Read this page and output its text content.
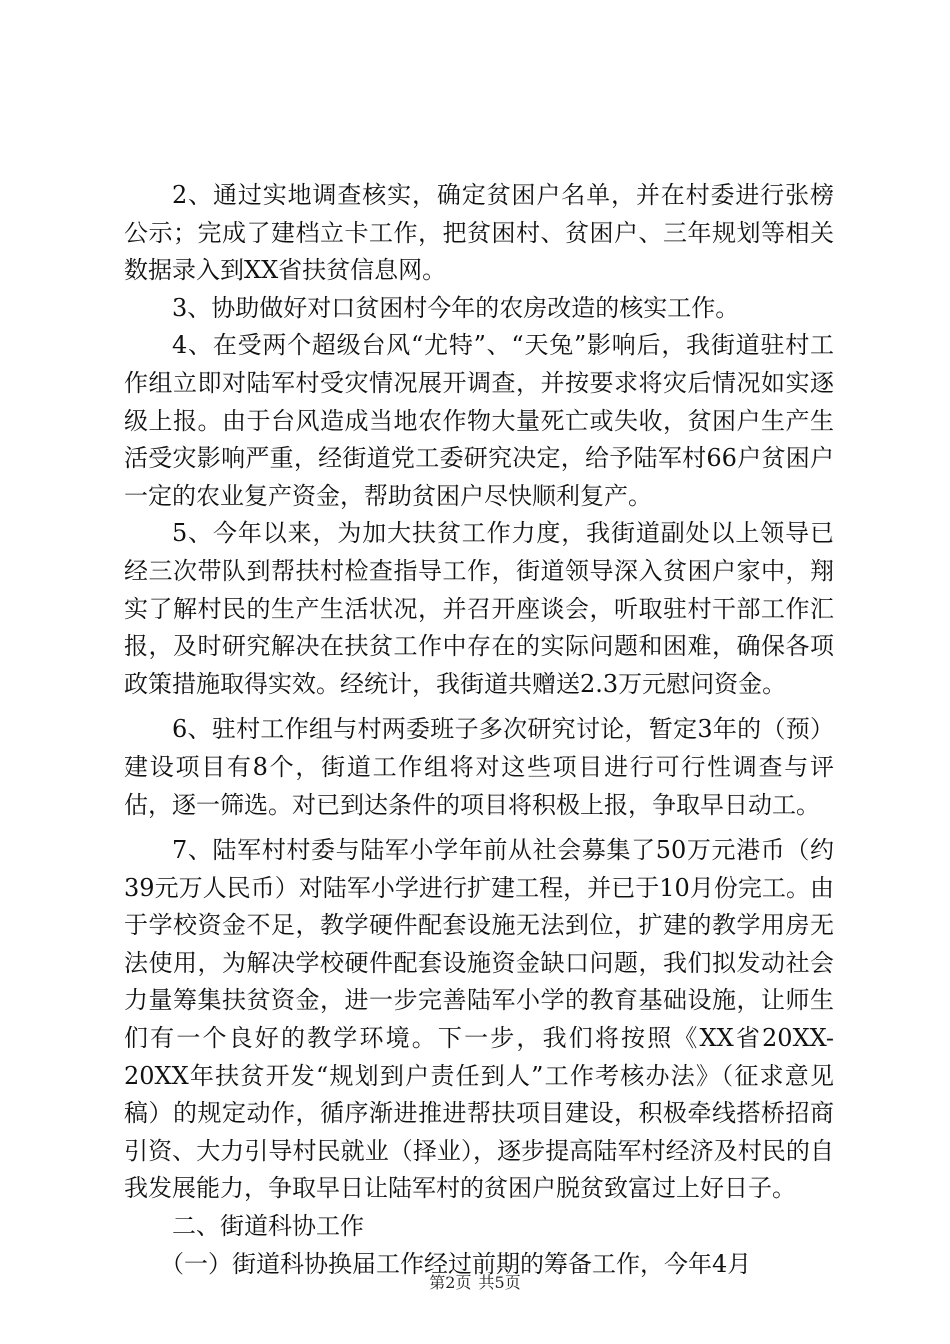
2、通过实地调查核实，确定贫困户名单，并在村委进行张榜公示；完成了建档立卡工作，把贫困村、贫困户、三年规划等相关数据录入到XX省扶贫信息网。

3、协助做好对口贫困村今年的农房改造的核实工作。

4、在受两个超级台风“尤特”、“天兔”影响后，我街道驻村工作组立即对陆军村受灾情况展开调查，并按要求将灾后情况如实逐级上报。由于台风造成当地农作物大量死亡或失收，贫困户生产生活受灾影响严重，经街道党工委研究决定，给予陆军村66户贫困户一定的农业复产资金，帮助贫困户尽快顺利复产。

5、今年以来，为加大扶贫工作力度，我街道副处以上领导已经三次带队到帮扶村检查指导工作，街道领导深入贫困户家中，翔实了解村民的生产生活状况，并召开座谈会，听取驻村干部工作汇报，及时研究解决在扶贫工作中存在的实际问题和困难，确保各项政策措施取得实效。经统计，我街道共赠送2.3万元慰问资金。

6、驻村工作组与村两委班子多次研究讨论，暂定3年的（预）建设项目有8个，街道工作组将对这些项目进行可行性调查与评估，逐一筛选。对已到达条件的项目将积极上报，争取早日动工。

7、陆军村村委与陆军小学年前从社会募集了50万元港币（约39元万人民币）对陆军小学进行扩建工程，并已于10月份完工。由于学校资金不足，教学硬件配套设施无法到位，扩建的教学用房无法使用，为解决学校硬件配套设施资金缺口问题，我们拟发动社会力量筹集扶贫资金，进一步完善陆军小学的教育基础设施，让师生们有一个良好的教学环境。下一步，我们将按照《XX省20XX-20XX年扶贫开发“规划到户责任到人”工作考核办法》（征求意见稿）的规定动作，循序渐进推进帮扶项目建设，积极牵线搭桥招商引资、大力引导村民就业（择业），逐步提高陆军村经济及村民的自我发展能力，争取早日让陆军村的贫困户脱贫致富过上好日子。

二、街道科协工作

（一）街道科协换届工作经过前期的筹备工作，今年4月

第2页 共5页
